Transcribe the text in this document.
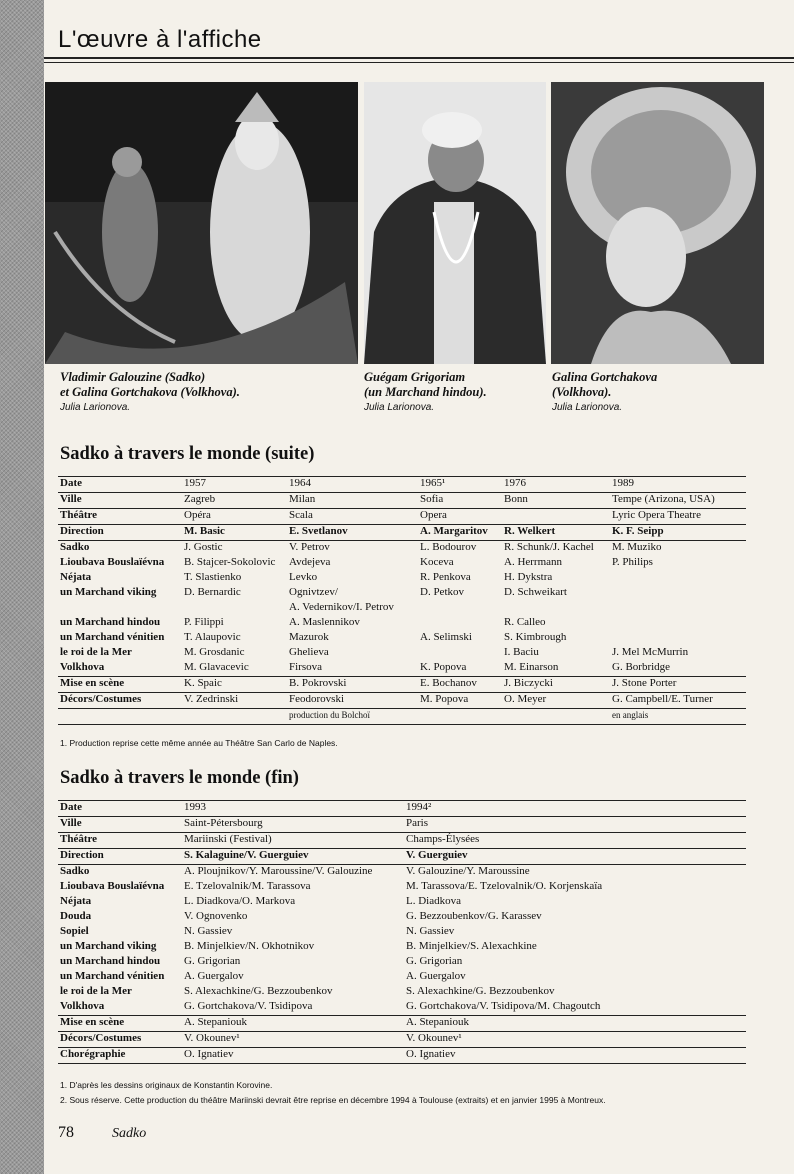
L'œuvre à l'affiche
Vladimir Galouzine (Sadko)
et Galina Gortchakova (Volkhova).
Julia Larionova.
Guégam Grigoriam
(un Marchand hindou).
Julia Larionova.
Galina Gortchakova
(Volkhova).
Julia Larionova.
Sadko à travers le monde (suite)
Date	1957	1964	1965¹	1976	1989
Ville	Zagreb	Milan	Sofia	Bonn	Tempe (Arizona, USA)
Théâtre	Opéra	Scala	Opera		Lyric Opera Theatre
Direction	M. Basic	E. Svetlanov	A. Margaritov	R. Welkert	K. F. Seipp
Sadko	J. Gostic	V. Petrov	L. Bodourov	R. Schunk/J. Kachel	M. Muziko
Lioubava Bouslaïévna	B. Stajcer-Sokolovic	Avdejeva	Koceva	A. Herrmann	P. Philips
Néjata	T. Slastienko	Levko	R. Penkova	H. Dykstra	
un Marchand viking	D. Bernardic	Ognivtzev/	D. Petkov	D. Schweikart	
		A. Vedernikov/I. Petrov			
un Marchand hindou	P. Filippi	A. Maslennikov		R. Calleo	
un Marchand vénitien	T. Alaupovic	Mazurok	A. Selimski	S. Kimbrough	
le roi de la Mer	M. Grosdanic	Ghelieva		I. Baciu	J. Mel McMurrin
Volkhova	M. Glavacevic	Firsova	K. Popova	M. Einarson	G. Borbridge
Mise en scène	K. Spaic	B. Pokrovski	E. Bochanov	J. Biczycki	J. Stone Porter
Décors/Costumes	V. Zedrinski	Feodorovski	M. Popova	O. Meyer	G. Campbell/E. Turner
		production du Bolchoï			en anglais
1. Production reprise cette même année au Théâtre San Carlo de Naples.
Sadko à travers le monde (fin)
Date	1993	1994²
Ville	Saint-Pétersbourg	Paris
Théâtre	Mariinski (Festival)	Champs-Élysées
Direction	S. Kalaguine/V. Guerguiev	V. Guerguiev
Sadko	A. Ploujnikov/Y. Maroussine/V. Galouzine	V. Galouzine/Y. Maroussine
Lioubava Bouslaïévna	E. Tzelovalnik/M. Tarassova	M. Tarassova/E. Tzelovalnik/O. Korjenskaïa
Néjata	L. Diadkova/O. Markova	L. Diadkova
Douda	V. Ognovenko	G. Bezzoubenkov/G. Karassev
Sopiel	N. Gassiev	N. Gassiev
un Marchand viking	B. Minjelkiev/N. Okhotnikov	B. Minjelkiev/S. Alexachkine
un Marchand hindou	G. Grigorian	G. Grigorian
un Marchand vénitien	A. Guergalov	A. Guergalov
le roi de la Mer	S. Alexachkine/G. Bezzoubenkov	S. Alexachkine/G. Bezzoubenkov
Volkhova	G. Gortchakova/V. Tsidipova	G. Gortchakova/V. Tsidipova/M. Chagoutch
Mise en scène	A. Stepaniouk	A. Stepaniouk
Décors/Costumes	V. Okounev¹	V. Okounev¹
Chorégraphie	O. Ignatiev	O. Ignatiev
1. D'après les dessins originaux de Konstantin Korovine.
2. Sous réserve. Cette production du théâtre Mariinski devrait être reprise en décembre 1994 à Toulouse (extraits) et en janvier 1995 à Montreux.
78	Sadko
